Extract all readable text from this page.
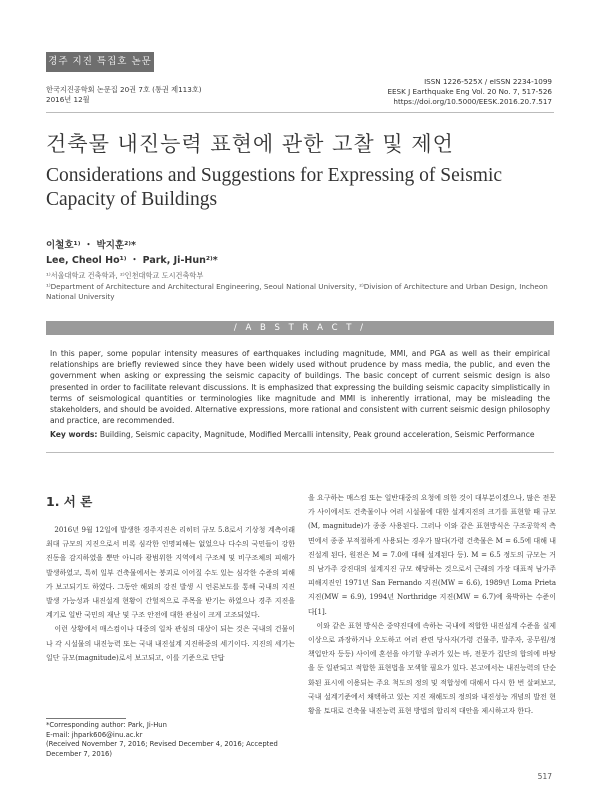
경주 지진 특집호 논문
한국지진공학회 논문집 20권 7호 (통권 제113호)
2016년 12월
ISSN 1226-525X / eISSN 2234-1099
EESK J Earthquake Eng Vol. 20 No. 7, 517-526
https://doi.org/10.5000/EESK.2016.20.7.517
건축물 내진능력 표현에 관한 고찰 및 제언
Considerations and Suggestions for Expressing of Seismic Capacity of Buildings
이철호¹⁾ ・ 박지훈²⁾*
Lee, Cheol Ho¹⁾ ・ Park, Ji-Hun²⁾*
¹⁾서울대학교 건축학과, ²⁾인천대학교 도시건축학부
¹⁾Department of Architecture and Architectural Engineering, Seoul National University, ²⁾Division of Architecture and Urban Design, Incheon National University
/ A B S T R A C T /
In this paper, some popular intensity measures of earthquakes including magnitude, MMI, and PGA as well as their empirical relationships are briefly reviewed since they have been widely used without prudence by mass media, the public, and even the government when asking or expressing the seismic capacity of buildings. The basic concept of current seismic design is also presented in order to facilitate relevant discussions. It is emphasized that expressing the building seismic capacity simplistically in terms of seismological quantities or terminologies like magnitude and MMI is inherently irrational, may be misleading the stakeholders, and should be avoided. Alternative expressions, more rational and consistent with current seismic design philosophy and practice, are recommended.
Key words: Building, Seismic capacity, Magnitude, Modified Mercalli intensity, Peak ground acceleration, Seismic Performance
1. 서 론

2016년 9월 12일에 발생한 경주지진은 리히터 규모 5.8로서 기상청 계측이래 최대 규모의 지진으로서 비록 심각한 인명피해는 없었으나 다수의 국민들이 강한 진동을 감지하였을 뿐만 아니라 광범위한 지역에서 구조체 및 비구조체의 피해가 발생하였고, 특히 일부 건축물에서는 붕괴로 이어질 수도 있는 심각한 수준의 피해가 보고되기도 하였다. 그동안 해외의 강진 발생 시 언론보도를 통해 국내의 지진발생 가능성과 내진설계 현황이 간헐적으로 주목을 받기는 하였으나 경주 지진을 계기로 일반 국민의 재난 및 구조 안전에 대한 관심이 크게 고조되었다.

이런 상황에서 매스컴이나 대중의 일차 관심의 대상이 되는 것은 국내의 건물이나 각 시설물의 내진능력 또는 국내 내진설계 지진하중의 세기이다. 지진의 세기는 일단 규모(magnitude)로서 보고되고, 이를 기준으로 단답

을 요구하는 매스컴 또는 일반대중의 요청에 의한 것이 대부분이겠으나, 많은 전문가 사이에서도 건축물이나 여러 시설물에 대한 설계지진의 크기를 표현할 때 규모(M, magnitude)가 종종 사용된다. 그러나 이와 같은 표현방식은 구조공학적 측면에서 종종 부적절하게 사용되는 경우가 많다(가령 건축물은 M = 6.5에 대해 내진설계 된다, 원전은 M = 7.0에 대해 설계된다 등). M = 6.5 정도의 규모는 거의 남가주 강진대의 설계지진 규모 해당하는 것으로서 근래의 가장 대표적 남가주 피해지진인 1971년 San Fernando 지진(MW = 6.6), 1989년 Loma Prieta 지진(MW = 6.9), 1994년 Northridge 지진(MW = 6.7)에 육박하는 수준이다[1].

이와 같은 표현 방식은 중약진대에 속하는 국내에 적합한 내진설계 수준을 실제 이상으로 과장하거나 오도하고 여러 관련 당사자(가령 건물주, 발주자, 공무원/정책입안자 등등) 사이에 혼선을 야기할 우려가 있는 바, 전문가 집단의 합의에 바탕을 둔 일관되고 적합한 표현법을 모색할 필요가 있다. 본고에서는 내진능력의 단순화된 표시에 이용되는 주요 척도의 정의 및 적합성에 대해서 다시 한 번 살펴보고, 국내 설계기준에서 채택하고 있는 지진 재해도의 정의와 내진성능 개념의 발전 현황을 토대로 건축물 내진능력 표현 방법의 합리적 대안을 제시하고자 한다.

*Corresponding author: Park, Ji-Hun
E-mail: jhpark606@inu.ac.kr
(Received November 7, 2016; Revised December 4, 2016; Accepted December 7, 2016)
517
